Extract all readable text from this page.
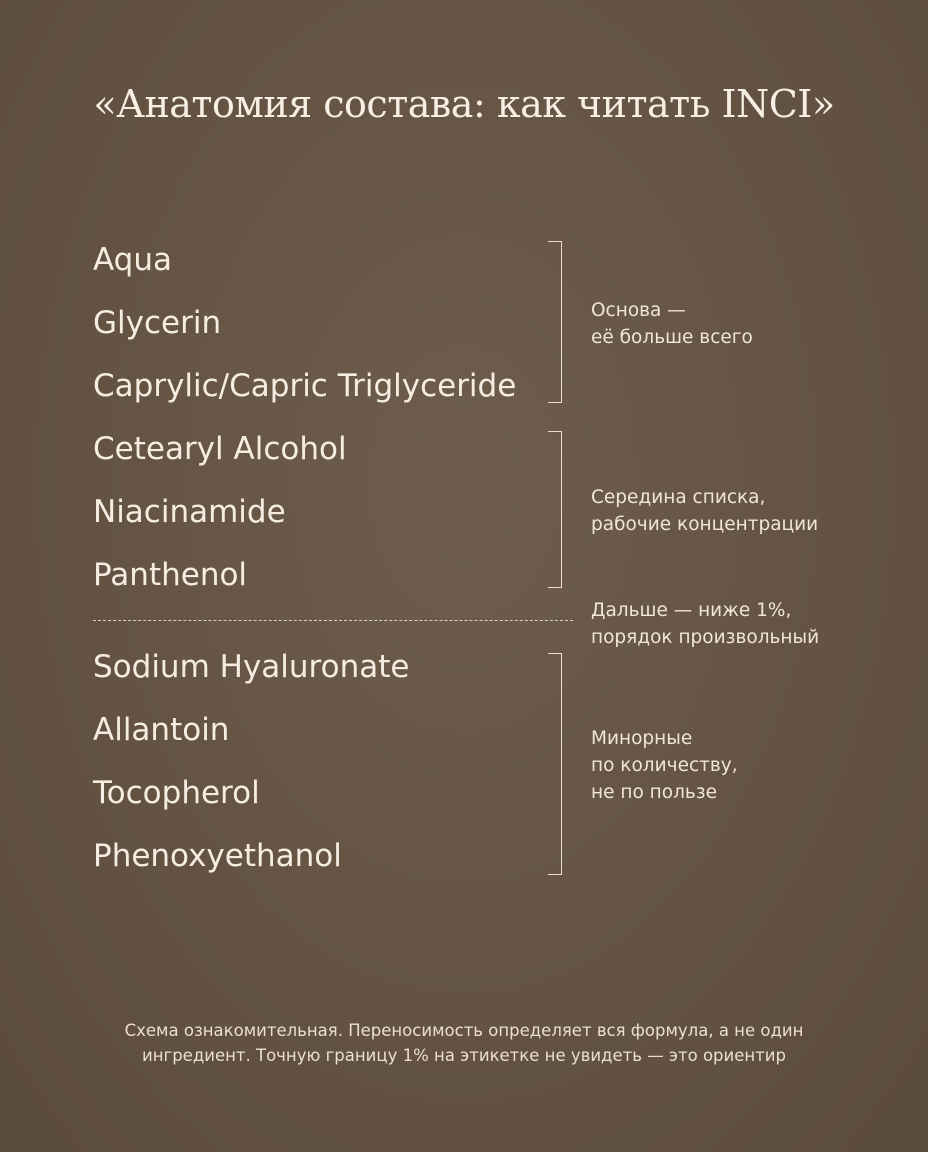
«Анатомия состава: как читать INCI»
Aqua
Glycerin
Caprylic/Capric Triglyceride
Cetearyl Alcohol
Niacinamide
Panthenol
Sodium Hyaluronate
Allantoin
Tocopherol
Phenoxyethanol
Основа —
её больше всего
Середина списка,
рабочие концентрации
Дальше — ниже 1%,
порядок произвольный
Минорные
по количеству,
не по пользе
Схема ознакомительная. Переносимость определяет вся формула, а не один
ингредиент. Точную границу 1% на этикетке не увидеть — это ориентир
